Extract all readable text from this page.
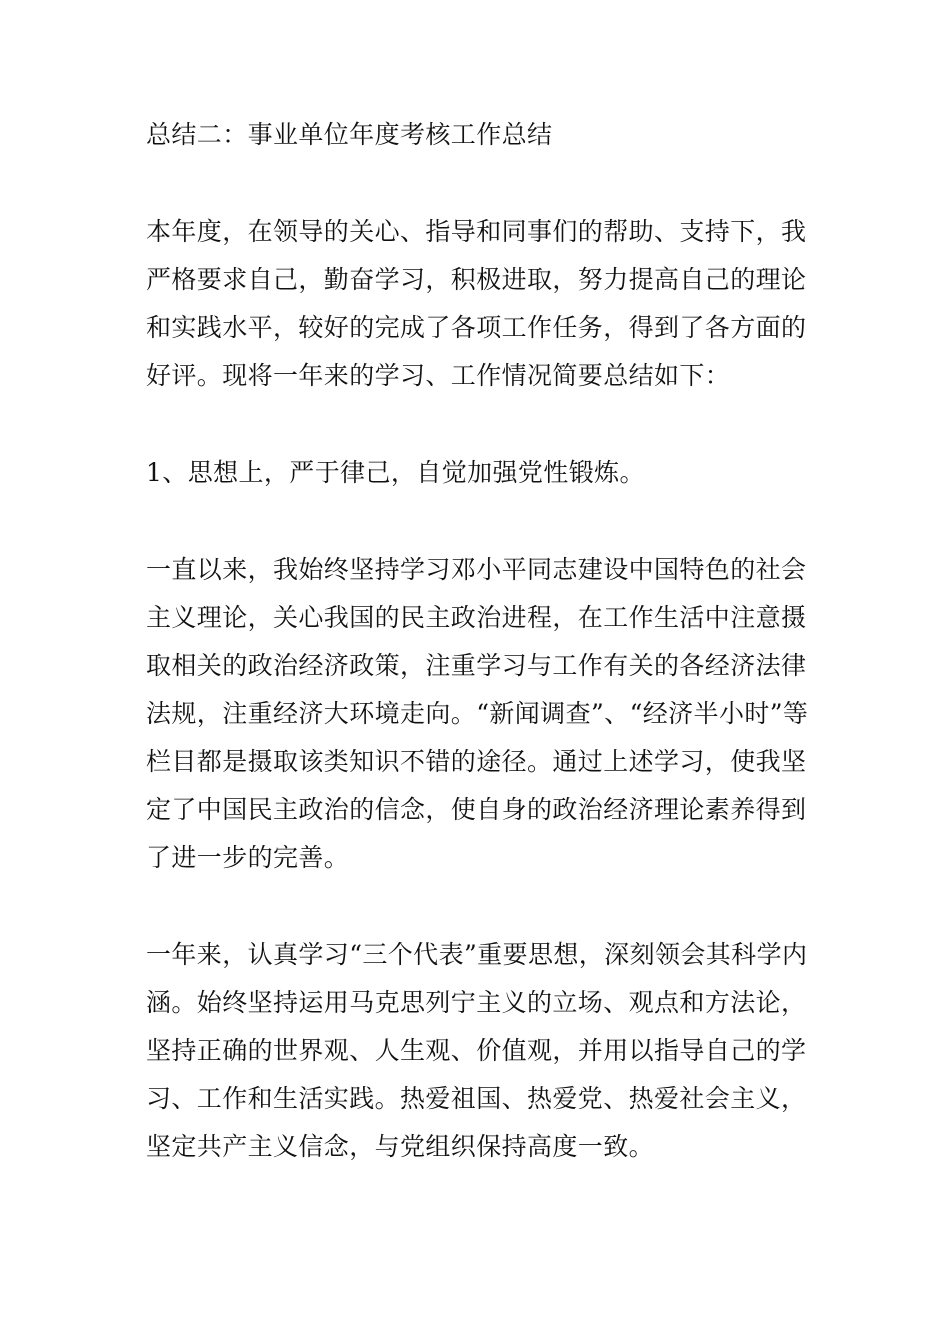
总结二：事业单位年度考核工作总结

本年度，在领导的关心、指导和同事们的帮助、支持下，我严格要求自己，勤奋学习，积极进取，努力提高自己的理论和实践水平，较好的完成了各项工作任务，得到了各方面的好评。现将一年来的学习、工作情况简要总结如下：

1、思想上，严于律己，自觉加强党性锻炼。

一直以来，我始终坚持学习邓小平同志建设中国特色的社会主义理论，关心我国的民主政治进程，在工作生活中注意摄取相关的政治经济政策，注重学习与工作有关的各经济法律法规，注重经济大环境走向。“新闻调查”、“经济半小时”等栏目都是摄取该类知识不错的途径。通过上述学习，使我坚定了中国民主政治的信念，使自身的政治经济理论素养得到了进一步的完善。

一年来，认真学习“三个代表”重要思想，深刻领会其科学内涵。始终坚持运用马克思列宁主义的立场、观点和方法论，坚持正确的世界观、人生观、价值观，并用以指导自己的学习、工作和生活实践。热爱祖国、热爱党、热爱社会主义，坚定共产主义信念，与党组织保持高度一致。
